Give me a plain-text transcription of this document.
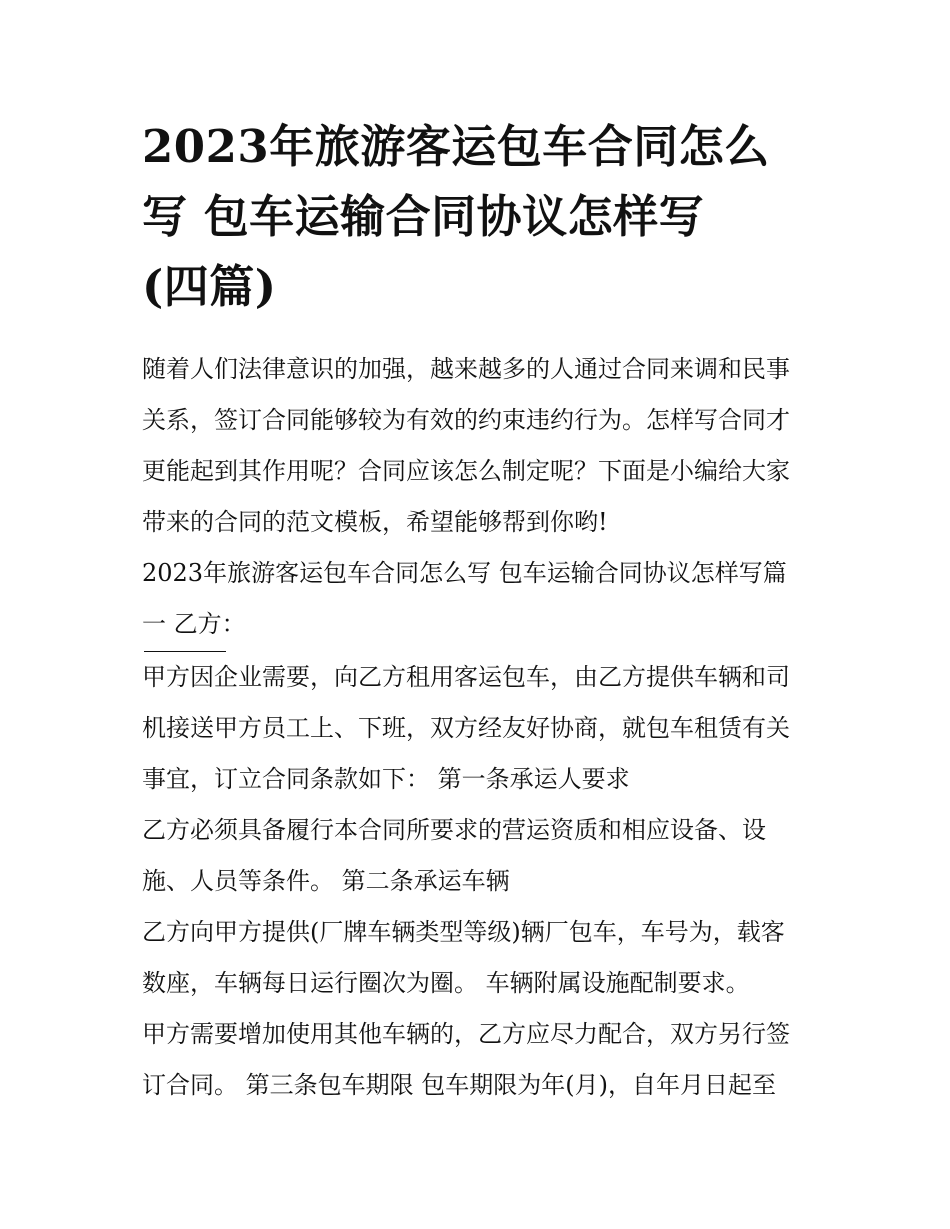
2023年旅游客运包车合同怎么
写 包车运输合同协议怎样写
(四篇)

随着人们法律意识的加强，越来越多的人通过合同来调和民事
关系，签订合同能够较为有效的约束违约行为。怎样写合同才
更能起到其作用呢？合同应该怎么制定呢？下面是小编给大家
带来的合同的范文模板，希望能够帮到你哟!

2023年旅游客运包车合同怎么写 包车运输合同协议怎样写篇
一 乙方：

甲方因企业需要，向乙方租用客运包车，由乙方提供车辆和司
机接送甲方员工上、下班，双方经友好协商，就包车租赁有关
事宜，订立合同条款如下： 第一条承运人要求

乙方必须具备履行本合同所要求的营运资质和相应设备、设
施、人员等条件。 第二条承运车辆

乙方向甲方提供(厂牌车辆类型等级)辆厂包车，车号为，载客
数座，车辆每日运行圈次为圈。 车辆附属设施配制要求。

甲方需要增加使用其他车辆的，乙方应尽力配合，双方另行签
订合同。 第三条包车期限 包车期限为年(月)，自年月日起至
